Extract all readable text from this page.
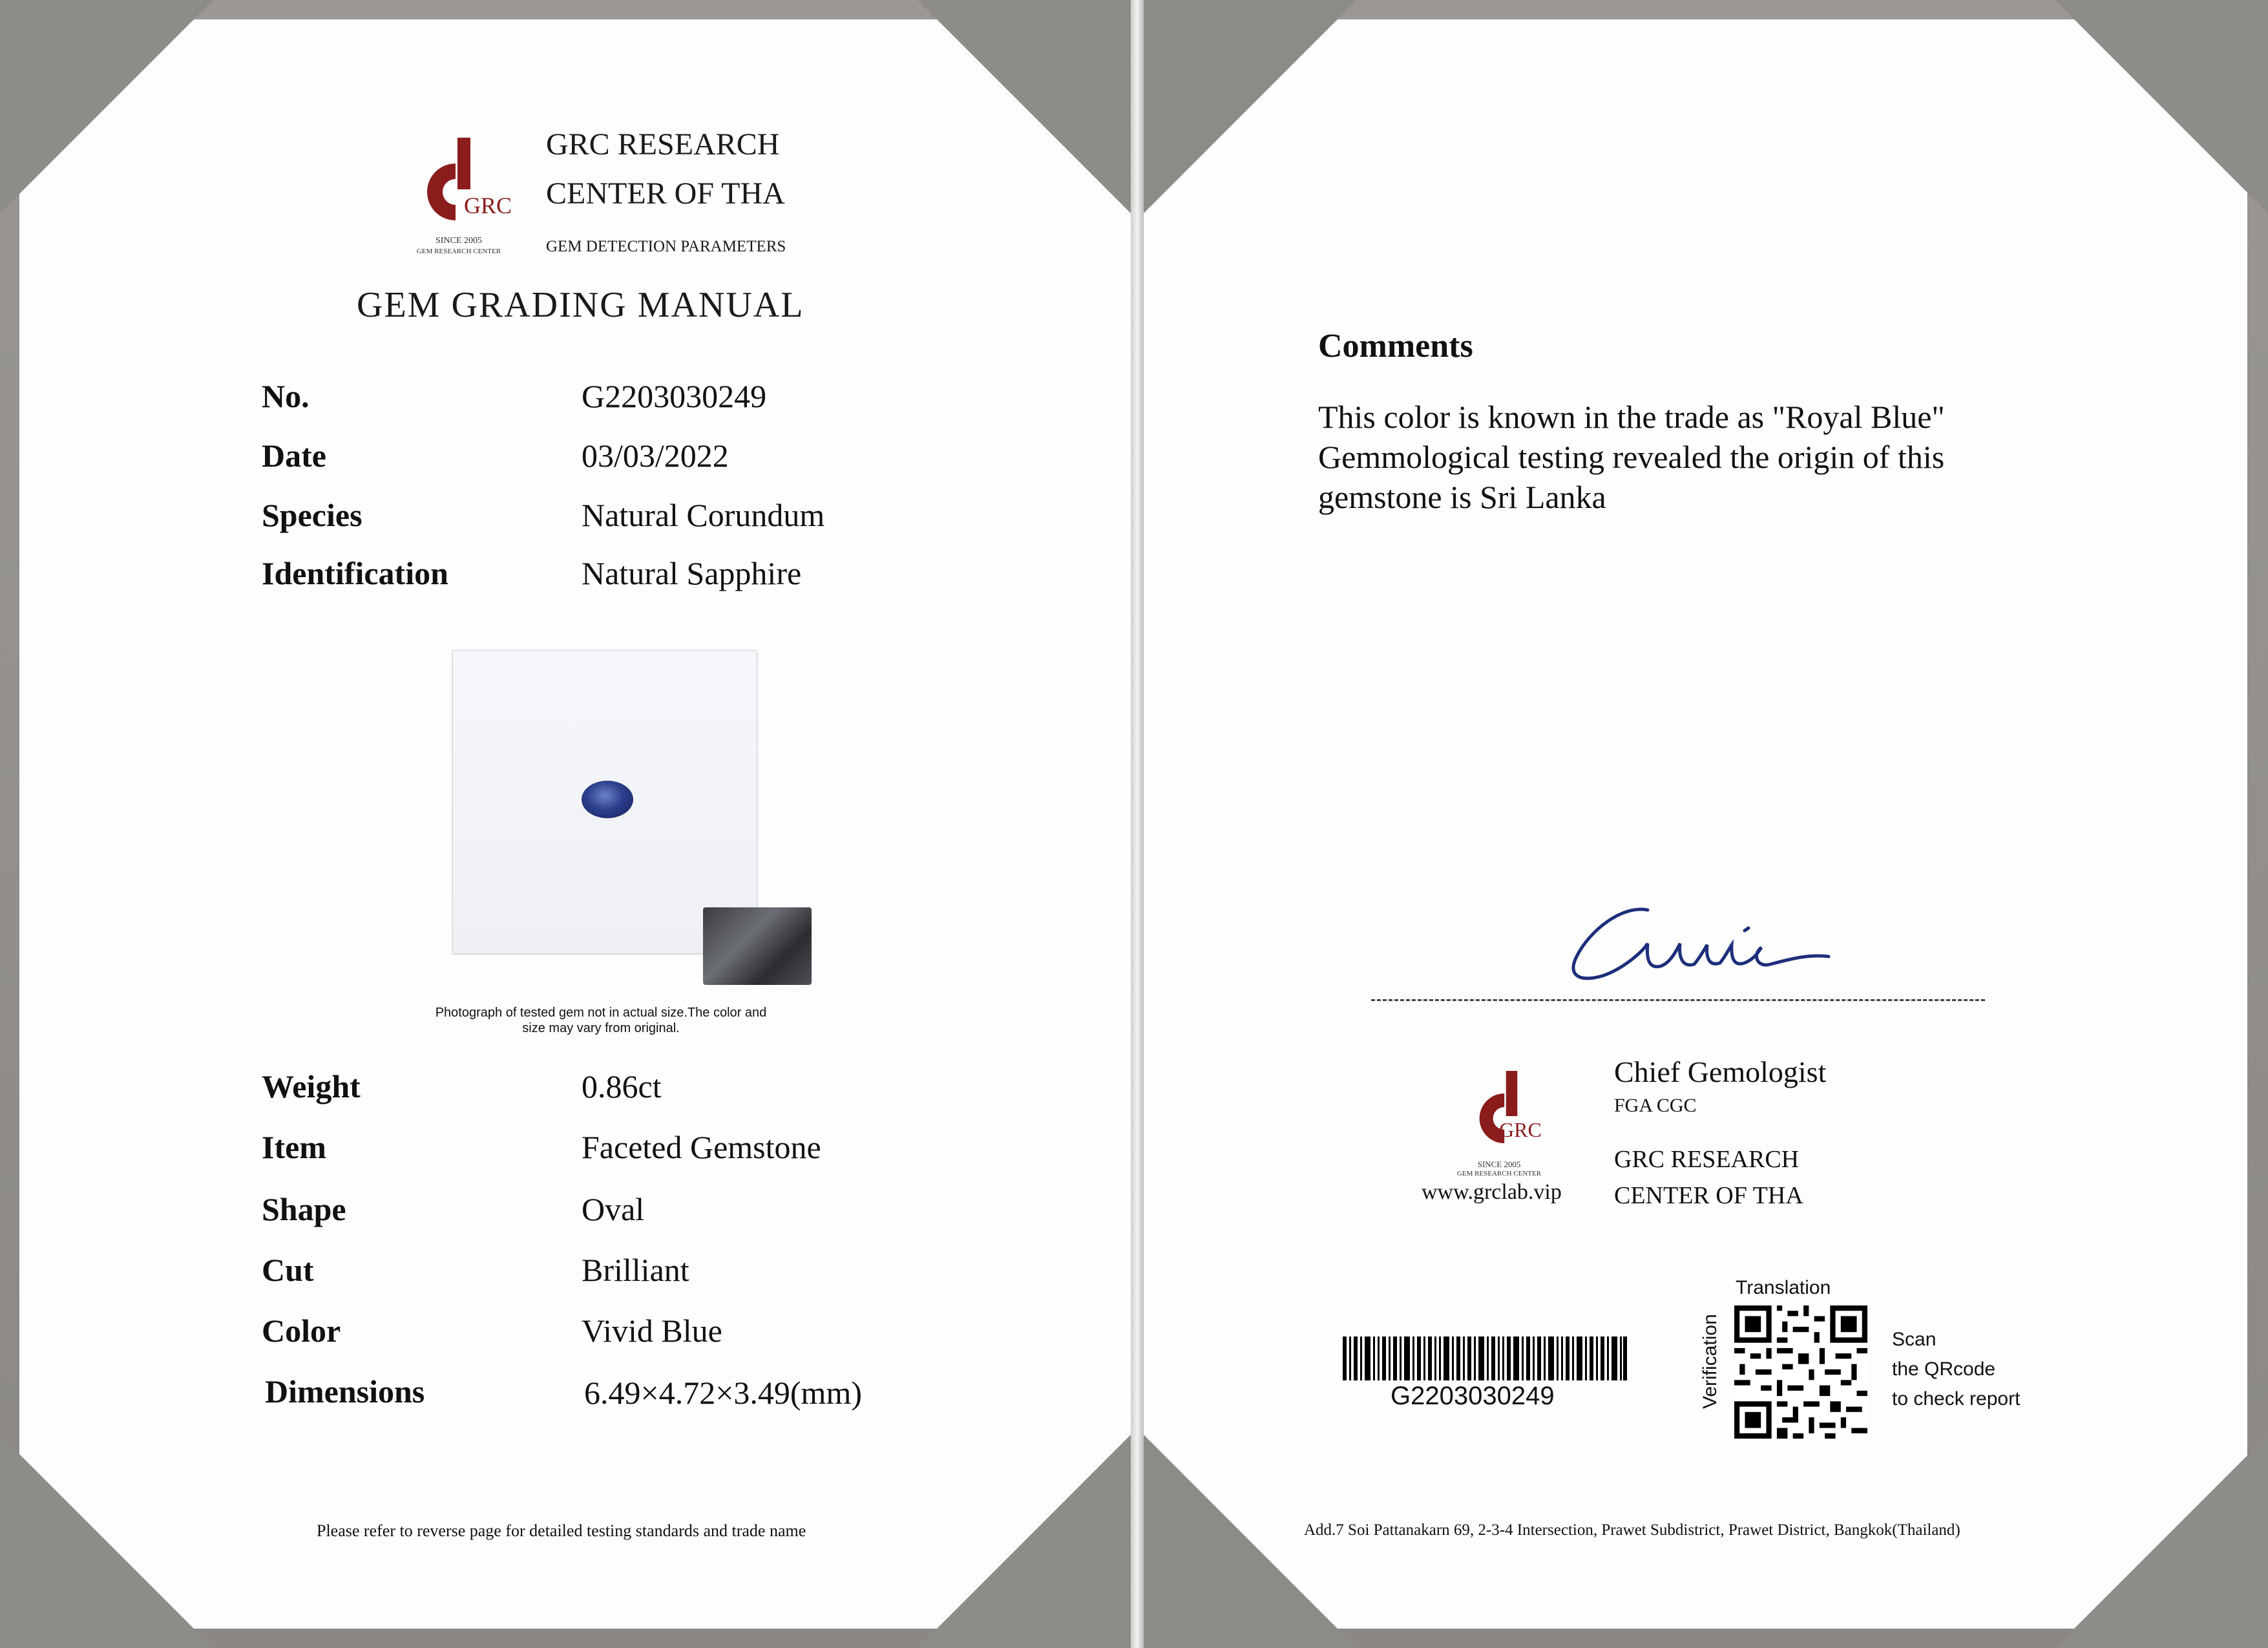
GRC
SINCE 2005
GEM RESEARCH CENTER
GRC RESEARCH
CENTER OF THA
GEM DETECTION PARAMETERS
GEM GRADING MANUAL
No.	G2203030249
Date	03/03/2022
Species	Natural Corundum
Identification	Natural Sapphire
Photograph of tested gem not in actual size.The color and
size may vary from original.
Weight	0.86ct
Item	Faceted Gemstone
Shape	Oval
Cut	Brilliant
Color	Vivid Blue
Dimensions	6.49×4.72×3.49(mm)
Please refer to reverse page for detailed testing standards and trade name
Comments
This color is known in the trade as "Royal Blue"
Gemmological testing revealed the origin of this
gemstone is Sri Lanka
GRC
SINCE 2005
GEM RESEARCH CENTER
www.grclab.vip
Chief Gemologist
FGA CGC
GRC RESEARCH
CENTER OF THA
G2203030249
Translation
Verification	Scan
the QRcode
to check report
Add.7 Soi Pattanakarn 69, 2-3-4 Intersection, Prawet Subdistrict, Prawet District, Bangkok(Thailand)
